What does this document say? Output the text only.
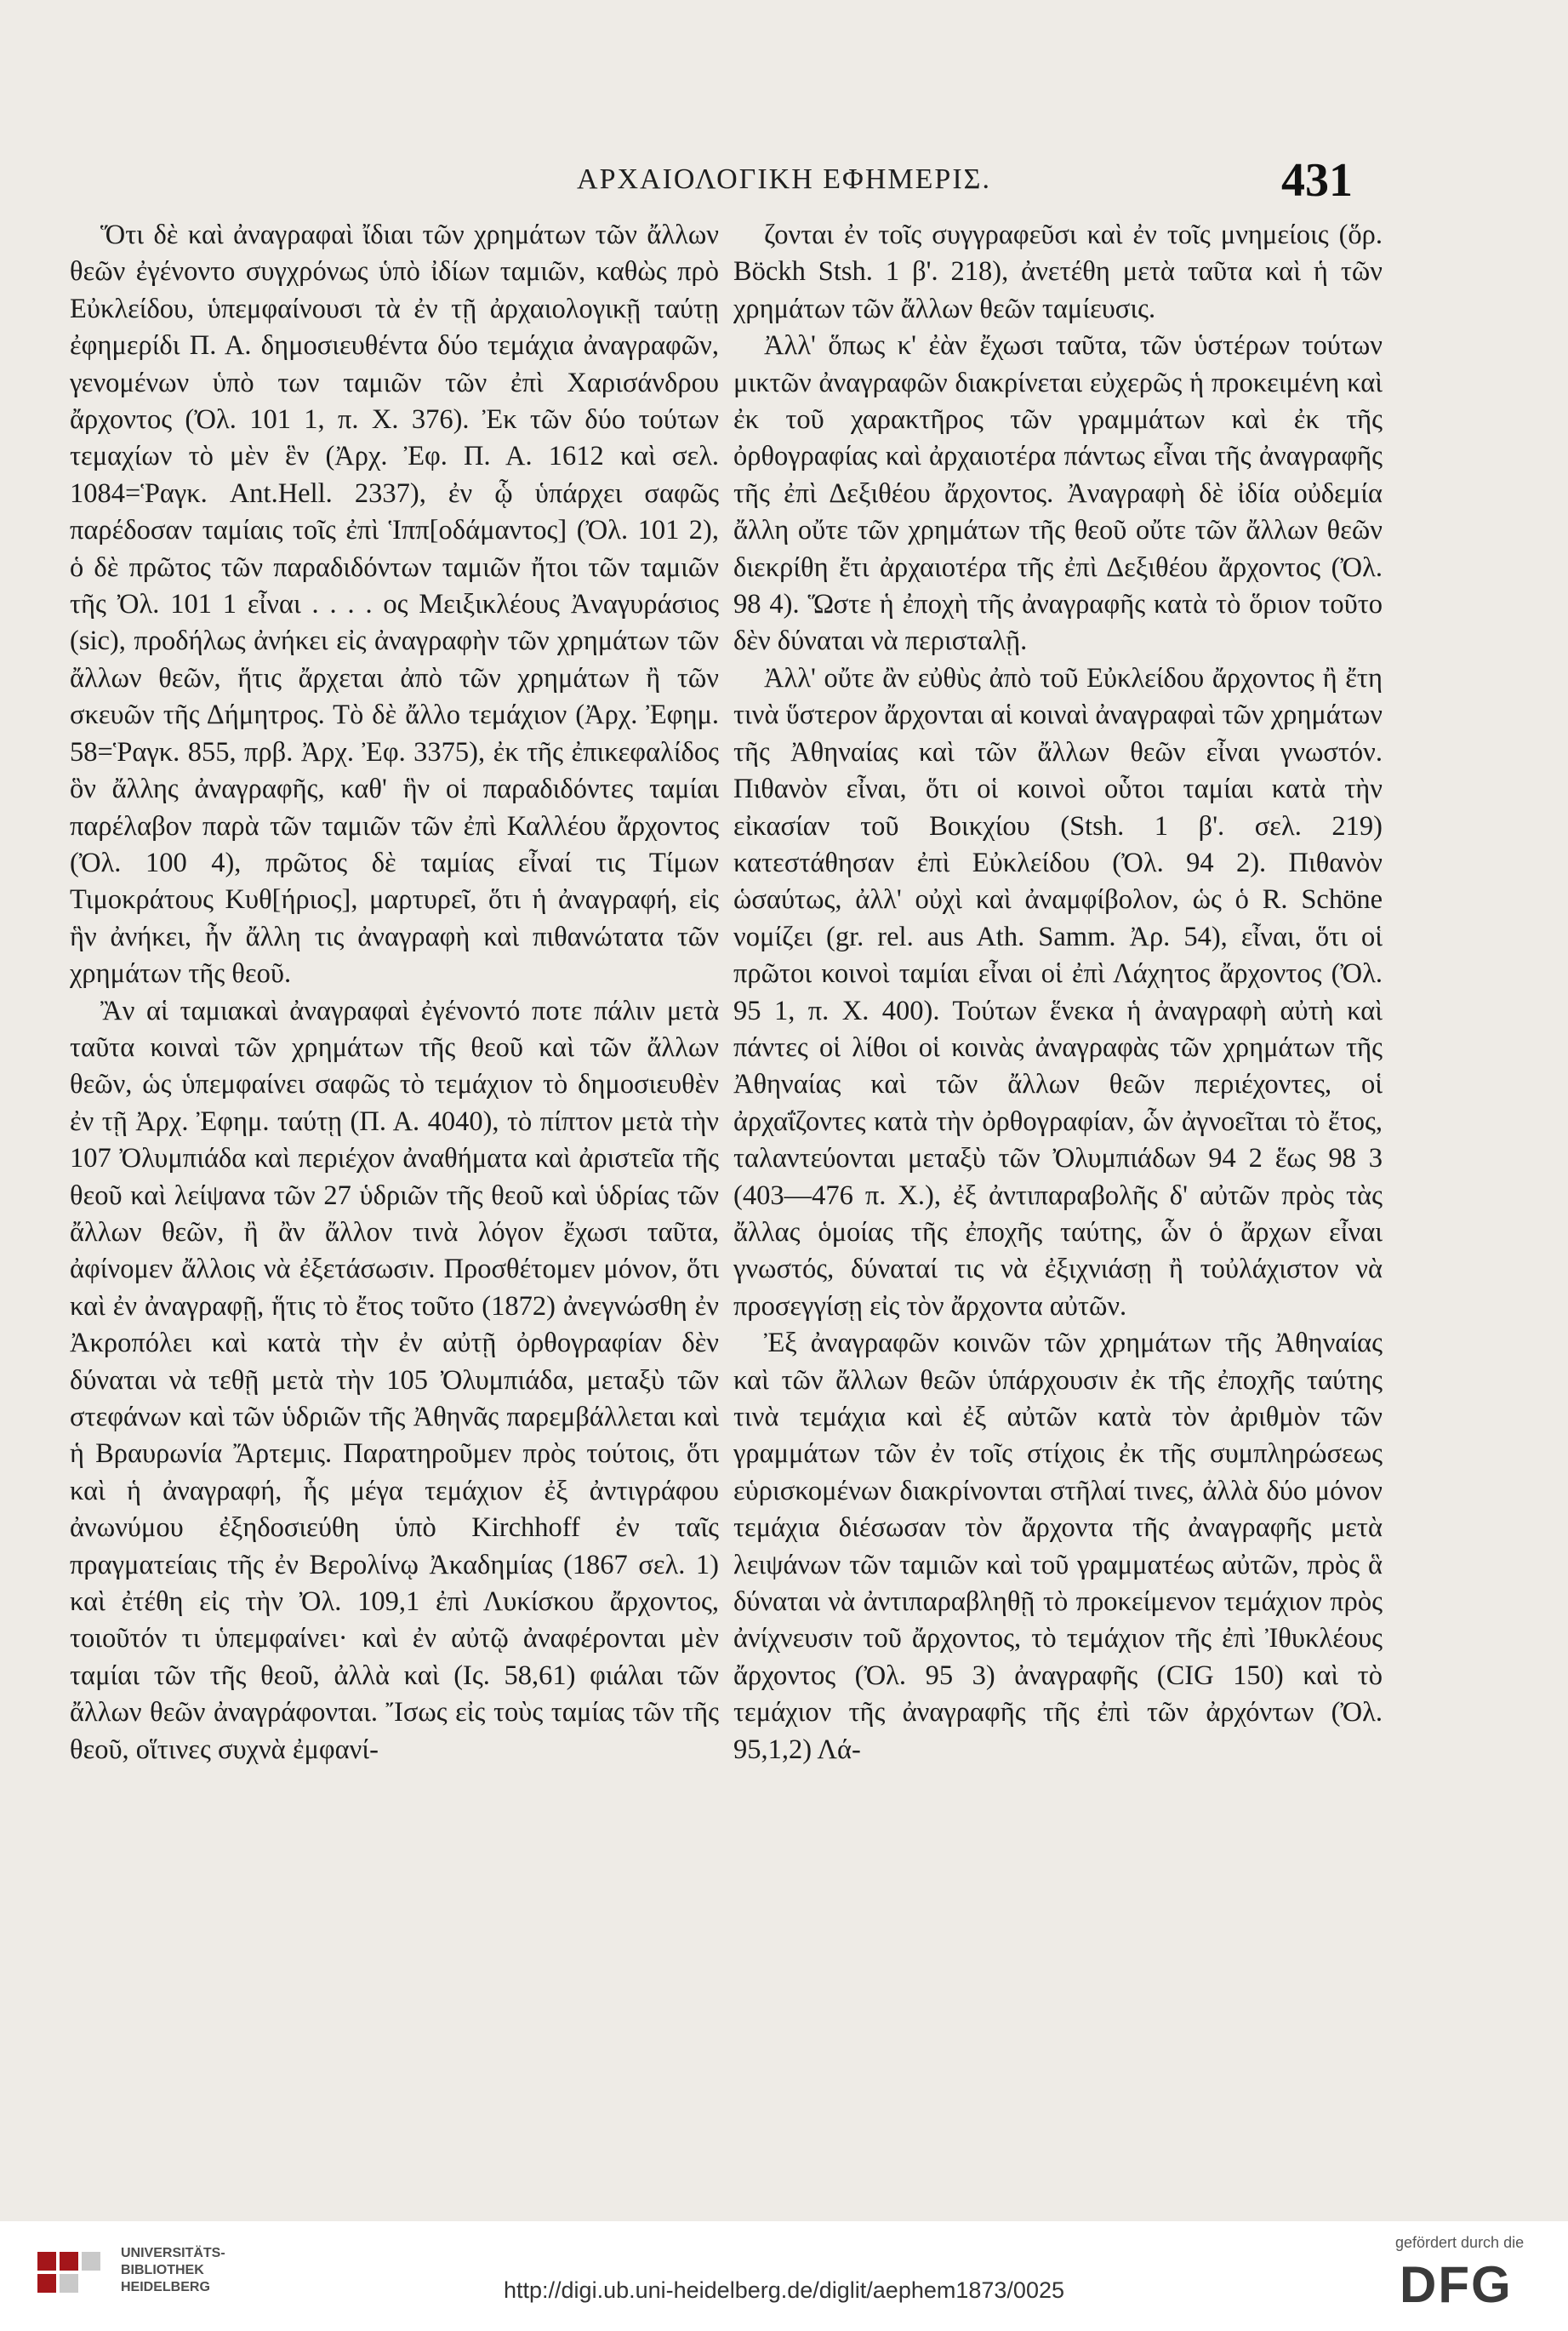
ΑΡΧΑΙΟΛΟΓΙΚΗ ΕΦΗΜΕΡΙΣ.	431

Ὅτι δὲ καὶ ἀναγραφαὶ ἴδιαι τῶν χρημάτων τῶν ἄλλων θεῶν ἐγένοντο συγχρόνως ὑπὸ ἰδίων ταμιῶν, καθὼς πρὸ Εὐκλείδου, ὑπεμφαίνουσι τὰ ἐν τῇ ἀρχαιολογικῇ ταύτῃ ἐφημερίδι Π. Α. δημοσιευθέντα δύο τεμάχια ἀναγραφῶν, γενομένων ὑπὸ των ταμιῶν τῶν ἐπὶ Χαρισάνδρου ἄρχοντος (Ὀλ. 101 1, π. Χ. 376). Ἐκ τῶν δύο τούτων τεμαχίων τὸ μὲν ἓν (Ἀρχ. Ἐφ. Π. Α. 1612 καὶ σελ. 1084=Ῥαγκ. Ant.Hell. 2337), ἐν ᾧ ὑπάρχει σαφῶς παρέδοσαν ταμίαις τοῖς ἐπὶ Ἱππ[οδάμαντος] (Ὀλ. 101 2), ὁ δὲ πρῶτος τῶν παραδιδόντων ταμιῶν ἤτοι τῶν ταμιῶν τῆς Ὀλ. 101 1 εἶναι . . . . ος Μειξικλέους Ἀναγυράσιος (sic), προδήλως ἀνήκει εἰς ἀναγραφὴν τῶν χρημάτων τῶν ἄλλων θεῶν, ἥτις ἄρχεται ἀπὸ τῶν χρημάτων ἢ τῶν σκευῶν τῆς Δήμητρος. Τὸ δὲ ἄλλο τεμάχιον (Ἀρχ. Ἐφημ. 58=Ῥαγκ. 855, πρβ. Ἀρχ. Ἐφ. 3375), ἐκ τῆς ἐπικεφαλίδος ὃν ἄλλης ἀναγραφῆς, καθ' ἣν οἱ παραδιδόντες ταμίαι παρέλαβον παρὰ τῶν ταμιῶν τῶν ἐπὶ Καλλέου ἄρχοντος (Ὀλ. 100 4), πρῶτος δὲ ταμίας εἶναί τις Τίμων Τιμοκράτους Κυθ[ήριος], μαρτυρεῖ, ὅτι ἡ ἀναγραφή, εἰς ἣν ἀνήκει, ἦν ἄλλη τις ἀναγραφὴ καὶ πιθανώτατα τῶν χρημάτων τῆς θεοῦ.

Ἂν αἱ ταμιακαὶ ἀναγραφαὶ ἐγένοντό ποτε πάλιν μετὰ ταῦτα κοιναὶ τῶν χρημάτων τῆς θεοῦ καὶ τῶν ἄλλων θεῶν, ὡς ὑπεμφαίνει σαφῶς τὸ τεμάχιον τὸ δημοσιευθὲν ἐν τῇ Ἀρχ. Ἐφημ. ταύτῃ (Π. Α. 4040), τὸ πίπτον μετὰ τὴν 107 Ὀλυμπιάδα καὶ περιέχον ἀναθήματα καὶ ἀριστεῖα τῆς θεοῦ καὶ λείψανα τῶν 27 ὑδριῶν τῆς θεοῦ καὶ ὑδρίας τῶν ἄλλων θεῶν, ἢ ἂν ἄλλον τινὰ λόγον ἔχωσι ταῦτα, ἀφίνομεν ἄλλοις νὰ ἐξετάσωσιν. Προσθέτομεν μόνον, ὅτι καὶ ἐν ἀναγραφῇ, ἥτις τὸ ἔτος τοῦτο (1872) ἀνεγνώσθη ἐν Ἀκροπόλει καὶ κατὰ τὴν ἐν αὐτῇ ὀρθογραφίαν δὲν δύναται νὰ τεθῇ μετὰ τὴν 105 Ὀλυμπιάδα, μεταξὺ τῶν στεφάνων καὶ τῶν ὑδριῶν τῆς Ἀθηνᾶς παρεμβάλλεται καὶ ἡ Βραυρωνία Ἄρτεμις. Παρατηροῦμεν πρὸς τούτοις, ὅτι καὶ ἡ ἀναγραφή, ἧς μέγα τεμάχιον ἐξ ἀντιγράφου ἀνωνύμου ἐξηδοσιεύθη ὑπὸ Kirchhoff ἐν ταῖς πραγματείαις τῆς ἐν Βερολίνῳ Ἀκαδημίας (1867 σελ. 1) καὶ ἐτέθη εἰς τὴν Ὀλ. 109,1 ἐπὶ Λυκίσκου ἄρχοντος, τοιοῦτόν τι ὑπεμφαίνει· καὶ ἐν αὐτῷ ἀναφέρονται μὲν ταμίαι τῶν τῆς θεοῦ, ἀλλὰ καὶ (Ις. 58,61) φιάλαι τῶν ἄλλων θεῶν ἀναγράφονται. Ἴσως εἰς τοὺς ταμίας τῶν τῆς θεοῦ, οἵτινες συχνὰ ἐμφανί-

ζονται ἐν τοῖς συγγραφεῦσι καὶ ἐν τοῖς μνημείοις (ὅρ. Böckh Stsh. 1 β'. 218), ἀνετέθη μετὰ ταῦτα καὶ ἡ τῶν χρημάτων τῶν ἄλλων θεῶν ταμίευσις.

Ἀλλ' ὅπως κ' ἐὰν ἔχωσι ταῦτα, τῶν ὑστέρων τούτων μικτῶν ἀναγραφῶν διακρίνεται εὐχερῶς ἡ προκειμένη καὶ ἐκ τοῦ χαρακτῆρος τῶν γραμμάτων καὶ ἐκ τῆς ὀρθογραφίας καὶ ἀρχαιοτέρα πάντως εἶναι τῆς ἀναγραφῆς τῆς ἐπὶ Δεξιθέου ἄρχοντος. Ἀναγραφὴ δὲ ἰδία οὐδεμία ἄλλη οὔτε τῶν χρημάτων τῆς θεοῦ οὔτε τῶν ἄλλων θεῶν διεκρίθη ἔτι ἀρχαιοτέρα τῆς ἐπὶ Δεξιθέου ἄρχοντος (Ὀλ. 98 4). Ὥστε ἡ ἐποχὴ τῆς ἀναγραφῆς κατὰ τὸ ὅριον τοῦτο δὲν δύναται νὰ περισταλῇ.

Ἀλλ' οὔτε ἂν εὐθὺς ἀπὸ τοῦ Εὐκλείδου ἄρχοντος ἢ ἔτη τινὰ ὕστερον ἄρχονται αἱ κοιναὶ ἀναγραφαὶ τῶν χρημάτων τῆς Ἀθηναίας καὶ τῶν ἄλλων θεῶν εἶναι γνωστόν. Πιθανὸν εἶναι, ὅτι οἱ κοινοὶ οὗτοι ταμίαι κατὰ τὴν εἰκασίαν τοῦ Βοικχίου (Stsh. 1 β'. σελ. 219) κατεστάθησαν ἐπὶ Εὐκλείδου (Ὀλ. 94 2). Πιθανὸν ὡσαύτως, ἀλλ' οὐχὶ καὶ ἀναμφίβολον, ὡς ὁ R. Schöne νομίζει (gr. rel. aus Ath. Samm. Ἀρ. 54), εἶναι, ὅτι οἱ πρῶτοι κοινοὶ ταμίαι εἶναι οἱ ἐπὶ Λάχητος ἄρχοντος (Ὀλ. 95 1, π. Χ. 400). Τούτων ἕνεκα ἡ ἀναγραφὴ αὐτὴ καὶ πάντες οἱ λίθοι οἱ κοινὰς ἀναγραφὰς τῶν χρημάτων τῆς Ἀθηναίας καὶ τῶν ἄλλων θεῶν περιέχοντες, οἱ ἀρχαΐζοντες κατὰ τὴν ὀρθογραφίαν, ὧν ἀγνοεῖται τὸ ἔτος, ταλαντεύονται μεταξὺ τῶν Ὀλυμπιάδων 94 2 ἕως 98 3 (403—476 π. Χ.), ἐξ ἀντιπαραβολῆς δ' αὐτῶν πρὸς τὰς ἄλλας ὁμοίας τῆς ἐποχῆς ταύτης, ὧν ὁ ἄρχων εἶναι γνωστός, δύναταί τις νὰ ἐξιχνιάσῃ ἢ τοὐλάχιστον νὰ προσεγγίσῃ εἰς τὸν ἄρχοντα αὐτῶν.

Ἐξ ἀναγραφῶν κοινῶν τῶν χρημάτων τῆς Ἀθηναίας καὶ τῶν ἄλλων θεῶν ὑπάρχουσιν ἐκ τῆς ἐποχῆς ταύτης τινὰ τεμάχια καὶ ἐξ αὐτῶν κατὰ τὸν ἀριθμὸν τῶν γραμμάτων τῶν ἐν τοῖς στίχοις ἐκ τῆς συμπληρώσεως εὑρισκομένων διακρίνονται στῆλαί τινες, ἀλλὰ δύο μόνον τεμάχια διέσωσαν τὸν ἄρχοντα τῆς ἀναγραφῆς μετὰ λειψάνων τῶν ταμιῶν καὶ τοῦ γραμματέως αὐτῶν, πρὸς ἃ δύναται νὰ ἀντιπαραβληθῇ τὸ προκείμενον τεμάχιον πρὸς ἀνίχνευσιν τοῦ ἄρχοντος, τὸ τεμάχιον τῆς ἐπὶ Ἰθυκλέους ἄρχοντος (Ὀλ. 95 3) ἀναγραφῆς (CIG 150) καὶ τὸ τεμάχιον τῆς ἀναγραφῆς τῆς ἐπὶ τῶν ἀρχόντων (Ὀλ. 95,1,2) Λά-

UNIVERSITÄTS-
BIBLIOTHEK
HEIDELBERG	http://digi.ub.uni-heidelberg.de/diglit/aephem1873/0025
gefördert durch die
DFG
